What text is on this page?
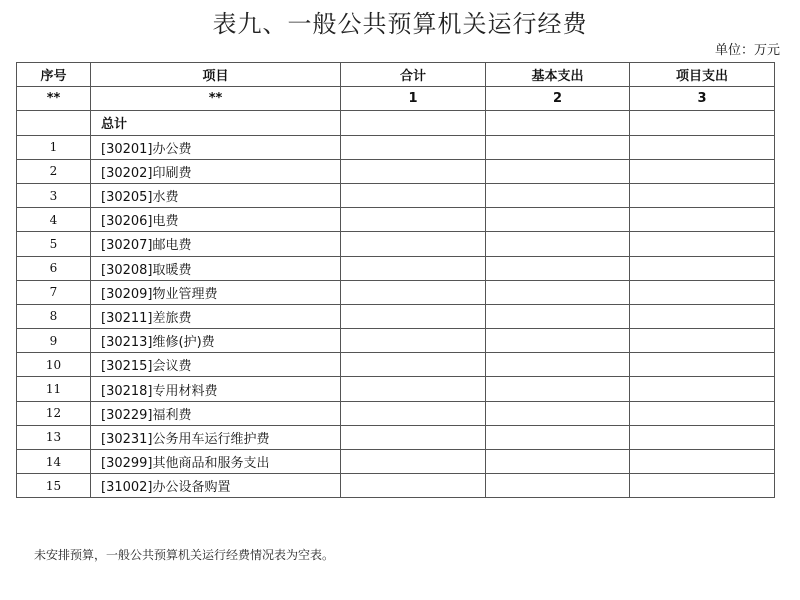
表九、一般公共预算机关运行经费
单位：万元
序号	项目	合计	基本支出	项目支出
**	**	1	2	3
	总计			
1	[30201]办公费			
2	[30202]印刷费			
3	[30205]水费			
4	[30206]电费			
5	[30207]邮电费			
6	[30208]取暖费			
7	[30209]物业管理费			
8	[30211]差旅费			
9	[30213]维修(护)费			
10	[30215]会议费			
11	[30218]专用材料费			
12	[30229]福利费			
13	[30231]公务用车运行维护费			
14	[30299]其他商品和服务支出			
15	[31002]办公设备购置			
未安排预算，一般公共预算机关运行经费情况表为空表。
